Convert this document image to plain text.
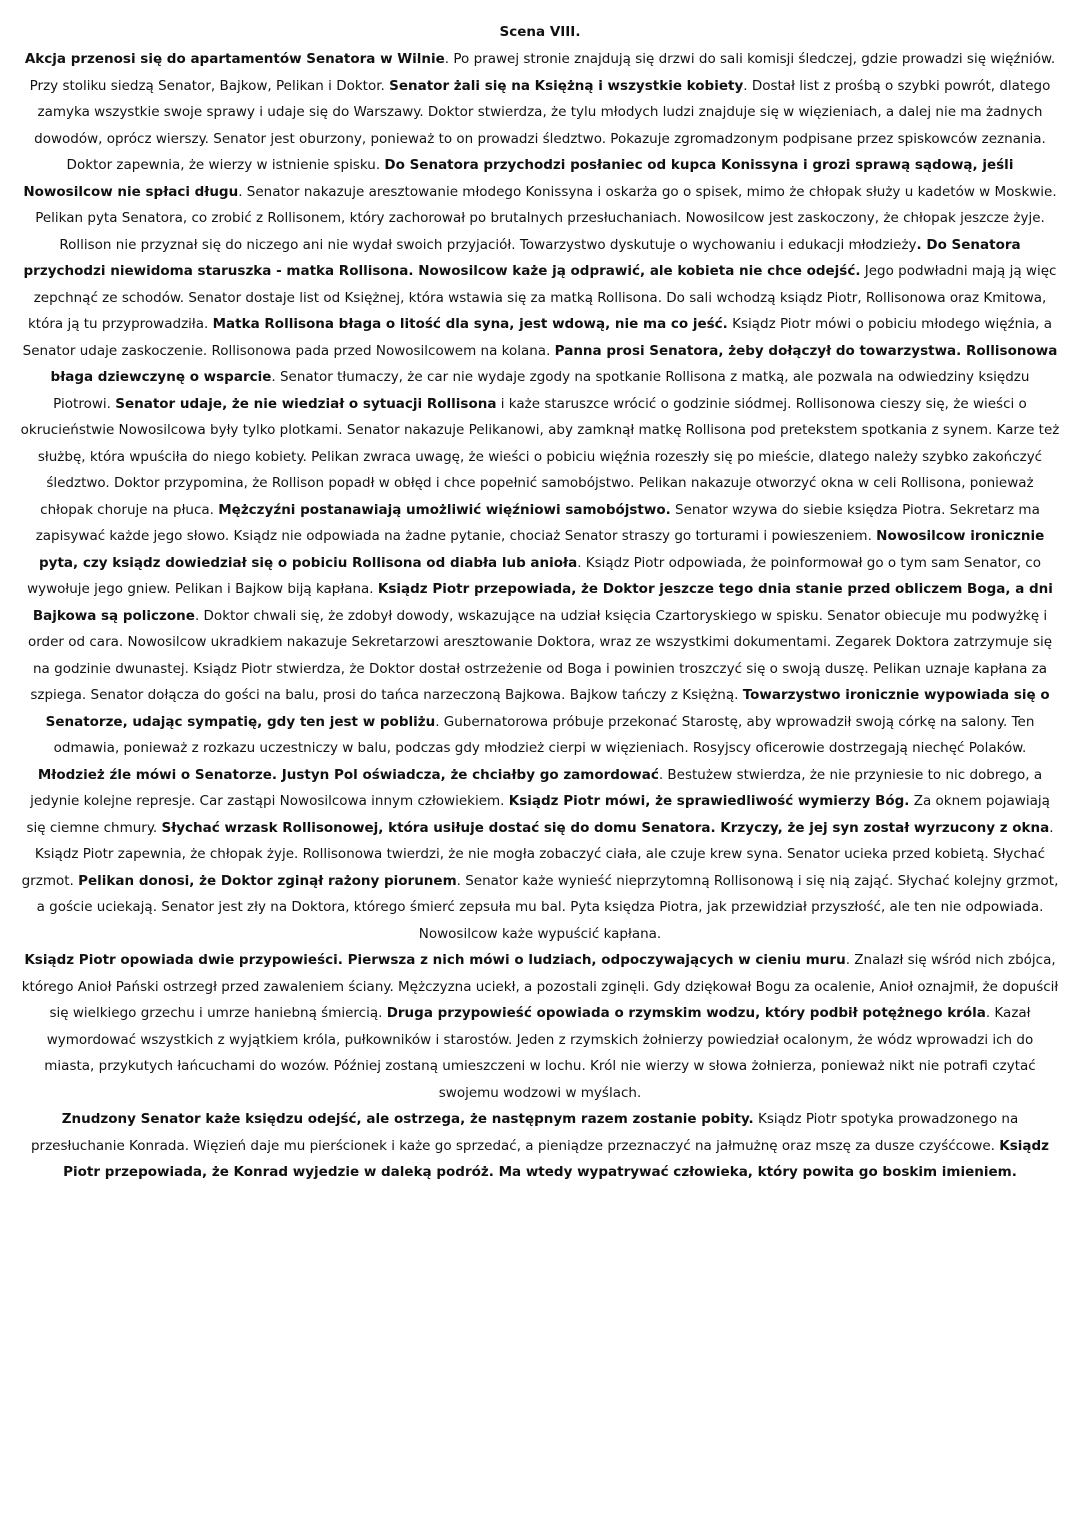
Scena VIII.

Akcja przenosi się do apartamentów Senatora w Wilnie. Po prawej stronie znajdują się drzwi do sali komisji śledczej, gdzie prowadzi się więźniów. Przy stoliku siedzą Senator, Bajkow, Pelikan i Doktor. Senator żali się na Księżną i wszystkie kobiety. Dostał list z prośbą o szybki powrót, dlatego zamyka wszystkie swoje sprawy i udaje się do Warszawy. Doktor stwierdza, że tylu młodych ludzi znajduje się w więzieniach, a dalej nie ma żadnych dowodów, oprócz wierszy. Senator jest oburzony, ponieważ to on prowadzi śledztwo. Pokazuje zgromadzonym podpisane przez spiskowców zeznania. Doktor zapewnia, że wierzy w istnienie spisku. Do Senatora przychodzi posłaniec od kupca Konissyna i grozi sprawą sądową, jeśli Nowosilcow nie spłaci długu. Senator nakazuje aresztowanie młodego Konissyna i oskarża go o spisek, mimo że chłopak służy u kadetów w Moskwie. Pelikan pyta Senatora, co zrobić z Rollisonem, który zachorował po brutalnych przesłuchaniach. Nowosilcow jest zaskoczony, że chłopak jeszcze żyje. Rollison nie przyznał się do niczego ani nie wydał swoich przyjaciół. Towarzystwo dyskutuje o wychowaniu i edukacji młodzieży. Do Senatora przychodzi niewidoma staruszka - matka Rollisona. Nowosilcow każe ją odprawić, ale kobieta nie chce odejść. Jego podwładni mają ją więc zepchnąć ze schodów. Senator dostaje list od Księżnej, która wstawia się za matką Rollisona. Do sali wchodzą ksiądz Piotr, Rollisonowa oraz Kmitowa, która ją tu przyprowadziła. Matka Rollisona błaga o litość dla syna, jest wdową, nie ma co jeść. Ksiądz Piotr mówi o pobiciu młodego więźnia, a Senator udaje zaskoczenie. Rollisonowa pada przed Nowosilcowem na kolana. Panna prosi Senatora, żeby dołączył do towarzystwa. Rollisonowa błaga dziewczynę o wsparcie. Senator tłumaczy, że car nie wydaje zgody na spotkanie Rollisona z matką, ale pozwala na odwiedziny księdzu Piotrowi. Senator udaje, że nie wiedział o sytuacji Rollisona i każe staruszce wrócić o godzinie siódmej. Rollisonowa cieszy się, że wieści o okrucieństwie Nowosilcowa były tylko plotkami. Senator nakazuje Pelikanowi, aby zamknął matkę Rollisona pod pretekstem spotkania z synem. Karze też służbę, która wpuściła do niego kobiety. Pelikan zwraca uwagę, że wieści o pobiciu więźnia rozeszły się po mieście, dlatego należy szybko zakończyć śledztwo. Doktor przypomina, że Rollison popadł w obłęd i chce popełnić samobójstwo. Pelikan nakazuje otworzyć okna w celi Rollisona, ponieważ chłopak choruje na płuca. Mężczyźni postanawiają umożliwić więźniowi samobójstwo. Senator wzywa do siebie księdza Piotra. Sekretarz ma zapisywać każde jego słowo. Ksiądz nie odpowiada na żadne pytanie, chociaż Senator straszy go torturami i powieszeniem. Nowosilcow ironicznie pyta, czy ksiądz dowiedział się o pobiciu Rollisona od diabła lub anioła. Ksiądz Piotr odpowiada, że poinformował go o tym sam Senator, co wywołuje jego gniew. Pelikan i Bajkow biją kapłana. Ksiądz Piotr przepowiada, że Doktor jeszcze tego dnia stanie przed obliczem Boga, a dni Bajkowa są policzone. Doktor chwali się, że zdobył dowody, wskazujące na udział księcia Czartoryskiego w spisku. Senator obiecuje mu podwyżkę i order od cara. Nowosilcow ukradkiem nakazuje Sekretarzowi aresztowanie Doktora, wraz ze wszystkimi dokumentami. Zegarek Doktora zatrzymuje się na godzinie dwunastej. Ksiądz Piotr stwierdza, że Doktor dostał ostrzeżenie od Boga i powinien troszczyć się o swoją duszę. Pelikan uznaje kapłana za szpiega. Senator dołącza do gości na balu, prosi do tańca narzeczoną Bajkowa. Bajkow tańczy z Księżną. Towarzystwo ironicznie wypowiada się o Senatorze, udając sympatię, gdy ten jest w pobliżu. Gubernatorowa próbuje przekonać Starostę, aby wprowadził swoją córkę na salony. Ten odmawia, ponieważ z rozkazu uczestniczy w balu, podczas gdy młodzież cierpi w więzieniach. Rosyjscy oficerowie dostrzegają niechęć Polaków. Młodzież źle mówi o Senatorze. Justyn Pol oświadcza, że chciałby go zamordować. Bestużew stwierdza, że nie przyniesie to nic dobrego, a jedynie kolejne represje. Car zastąpi Nowosilcowa innym człowiekiem. Ksiądz Piotr mówi, że sprawiedliwość wymierzy Bóg. Za oknem pojawiają się ciemne chmury. Słychać wrzask Rollisonowej, która usiłuje dostać się do domu Senatora. Krzyczy, że jej syn został wyrzucony z okna. Ksiądz Piotr zapewnia, że chłopak żyje. Rollisonowa twierdzi, że nie mogła zobaczyć ciała, ale czuje krew syna. Senator ucieka przed kobietą. Słychać grzmot. Pelikan donosi, że Doktor zginął rażony piorunem. Senator każe wynieść nieprzytomną Rollisonową i się nią zająć. Słychać kolejny grzmot, a goście uciekają. Senator jest zły na Doktora, którego śmierć zepsuła mu bal. Pyta księdza Piotra, jak przewidział przyszłość, ale ten nie odpowiada. Nowosilcow każe wypuścić kapłana.

Ksiądz Piotr opowiada dwie przypowieści. Pierwsza z nich mówi o ludziach, odpoczywających w cieniu muru. Znalazł się wśród nich zbójca, którego Anioł Pański ostrzegł przed zawaleniem ściany. Mężczyzna uciekł, a pozostali zginęli. Gdy dziękował Bogu za ocalenie, Anioł oznajmił, że dopuścił się wielkiego grzechu i umrze haniebną śmiercią. Druga przypowieść opowiada o rzymskim wodzu, który podbił potężnego króla. Kazał wymordować wszystkich z wyjątkiem króla, pułkowników i starostów. Jeden z rzymskich żołnierzy powiedział ocalonym, że wódz wprowadzi ich do miasta, przykutych łańcuchami do wozów. Później zostaną umieszczeni w lochu. Król nie wierzy w słowa żołnierza, ponieważ nikt nie potrafi czytać swojemu wodzowi w myślach.

Znudzony Senator każe księdzu odejść, ale ostrzega, że następnym razem zostanie pobity. Ksiądz Piotr spotyka prowadzonego na przesłuchanie Konrada. Więzień daje mu pierścionek i każe go sprzedać, a pieniądze przeznaczyć na jałmużnę oraz mszę za dusze czyśćcowe. Ksiądz Piotr przepowiada, że Konrad wyjedzie w daleką podróż. Ma wtedy wypatrywać człowieka, który powita go boskim imieniem.
